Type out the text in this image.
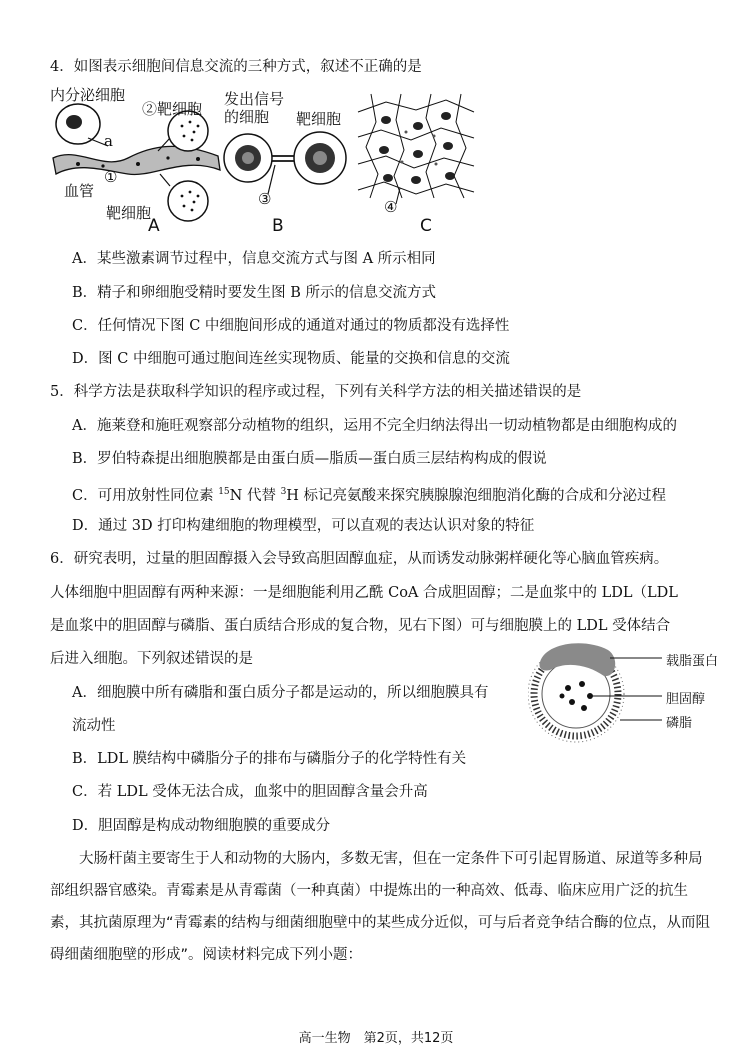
4．如图表示细胞间信息交流的三种方式，叙述不正确的是
内分泌细胞
②靶细胞
a
①
血管
靶细胞
A
发出信号
的细胞 靶细胞
③
B
④
C
A．某些激素调节过程中，信息交流方式与图 A 所示相同
B．精子和卵细胞受精时要发生图 B 所示的信息交流方式
C．任何情况下图 C 中细胞间形成的通道对通过的物质都没有选择性
D．图 C 中细胞可通过胞间连丝实现物质、能量的交换和信息的交流
5．科学方法是获取科学知识的程序或过程，下列有关科学方法的相关描述错误的是
A．施莱登和施旺观察部分动植物的组织，运用不完全归纳法得出一切动植物都是由细胞构成的
B．罗伯特森提出细胞膜都是由蛋白质—脂质—蛋白质三层结构构成的假说
C．可用放射性同位素 $^{15}$N 代替 $^3$H 标记亮氨酸来探究胰腺腺泡细胞消化酶的合成和分泌过程
D．通过 3D 打印构建细胞的物理模型，可以直观的表达认识对象的特征
6．研究表明，过量的胆固醇摄入会导致高胆固醇血症，从而诱发动脉粥样硬化等心脑血管疾病。
人体细胞中胆固醇有两种来源：一是细胞能利用乙酰 CoA 合成胆固醇；二是血浆中的 LDL（LDL
是血浆中的胆固醇与磷脂、蛋白质结合形成的复合物，见右下图）可与细胞膜上的 LDL 受体结合
后进入细胞。下列叙述错误的是	载脂蛋白
胆固醇
磷脂
A．细胞膜中所有磷脂和蛋白质分子都是运动的，所以细胞膜具有
流动性
B．LDL 膜结构中磷脂分子的排布与磷脂分子的化学特性有关
C．若 LDL 受体无法合成，血浆中的胆固醇含量会升高
D．胆固醇是构成动物细胞膜的重要成分
大肠杆菌主要寄生于人和动物的大肠内，多数无害，但在一定条件下可引起胃肠道、尿道等多种局部组织器官感染。青霉素是从青霉菌（一种真菌）中提炼出的一种高效、低毒、临床应用广泛的抗生素，其抗菌原理为“青霉素的结构与细菌细胞壁中的某些成分近似，可与后者竞争结合酶的位点，从而阻碍细菌细胞壁的形成”。阅读材料完成下列小题：
高一生物　第2页，共12页
